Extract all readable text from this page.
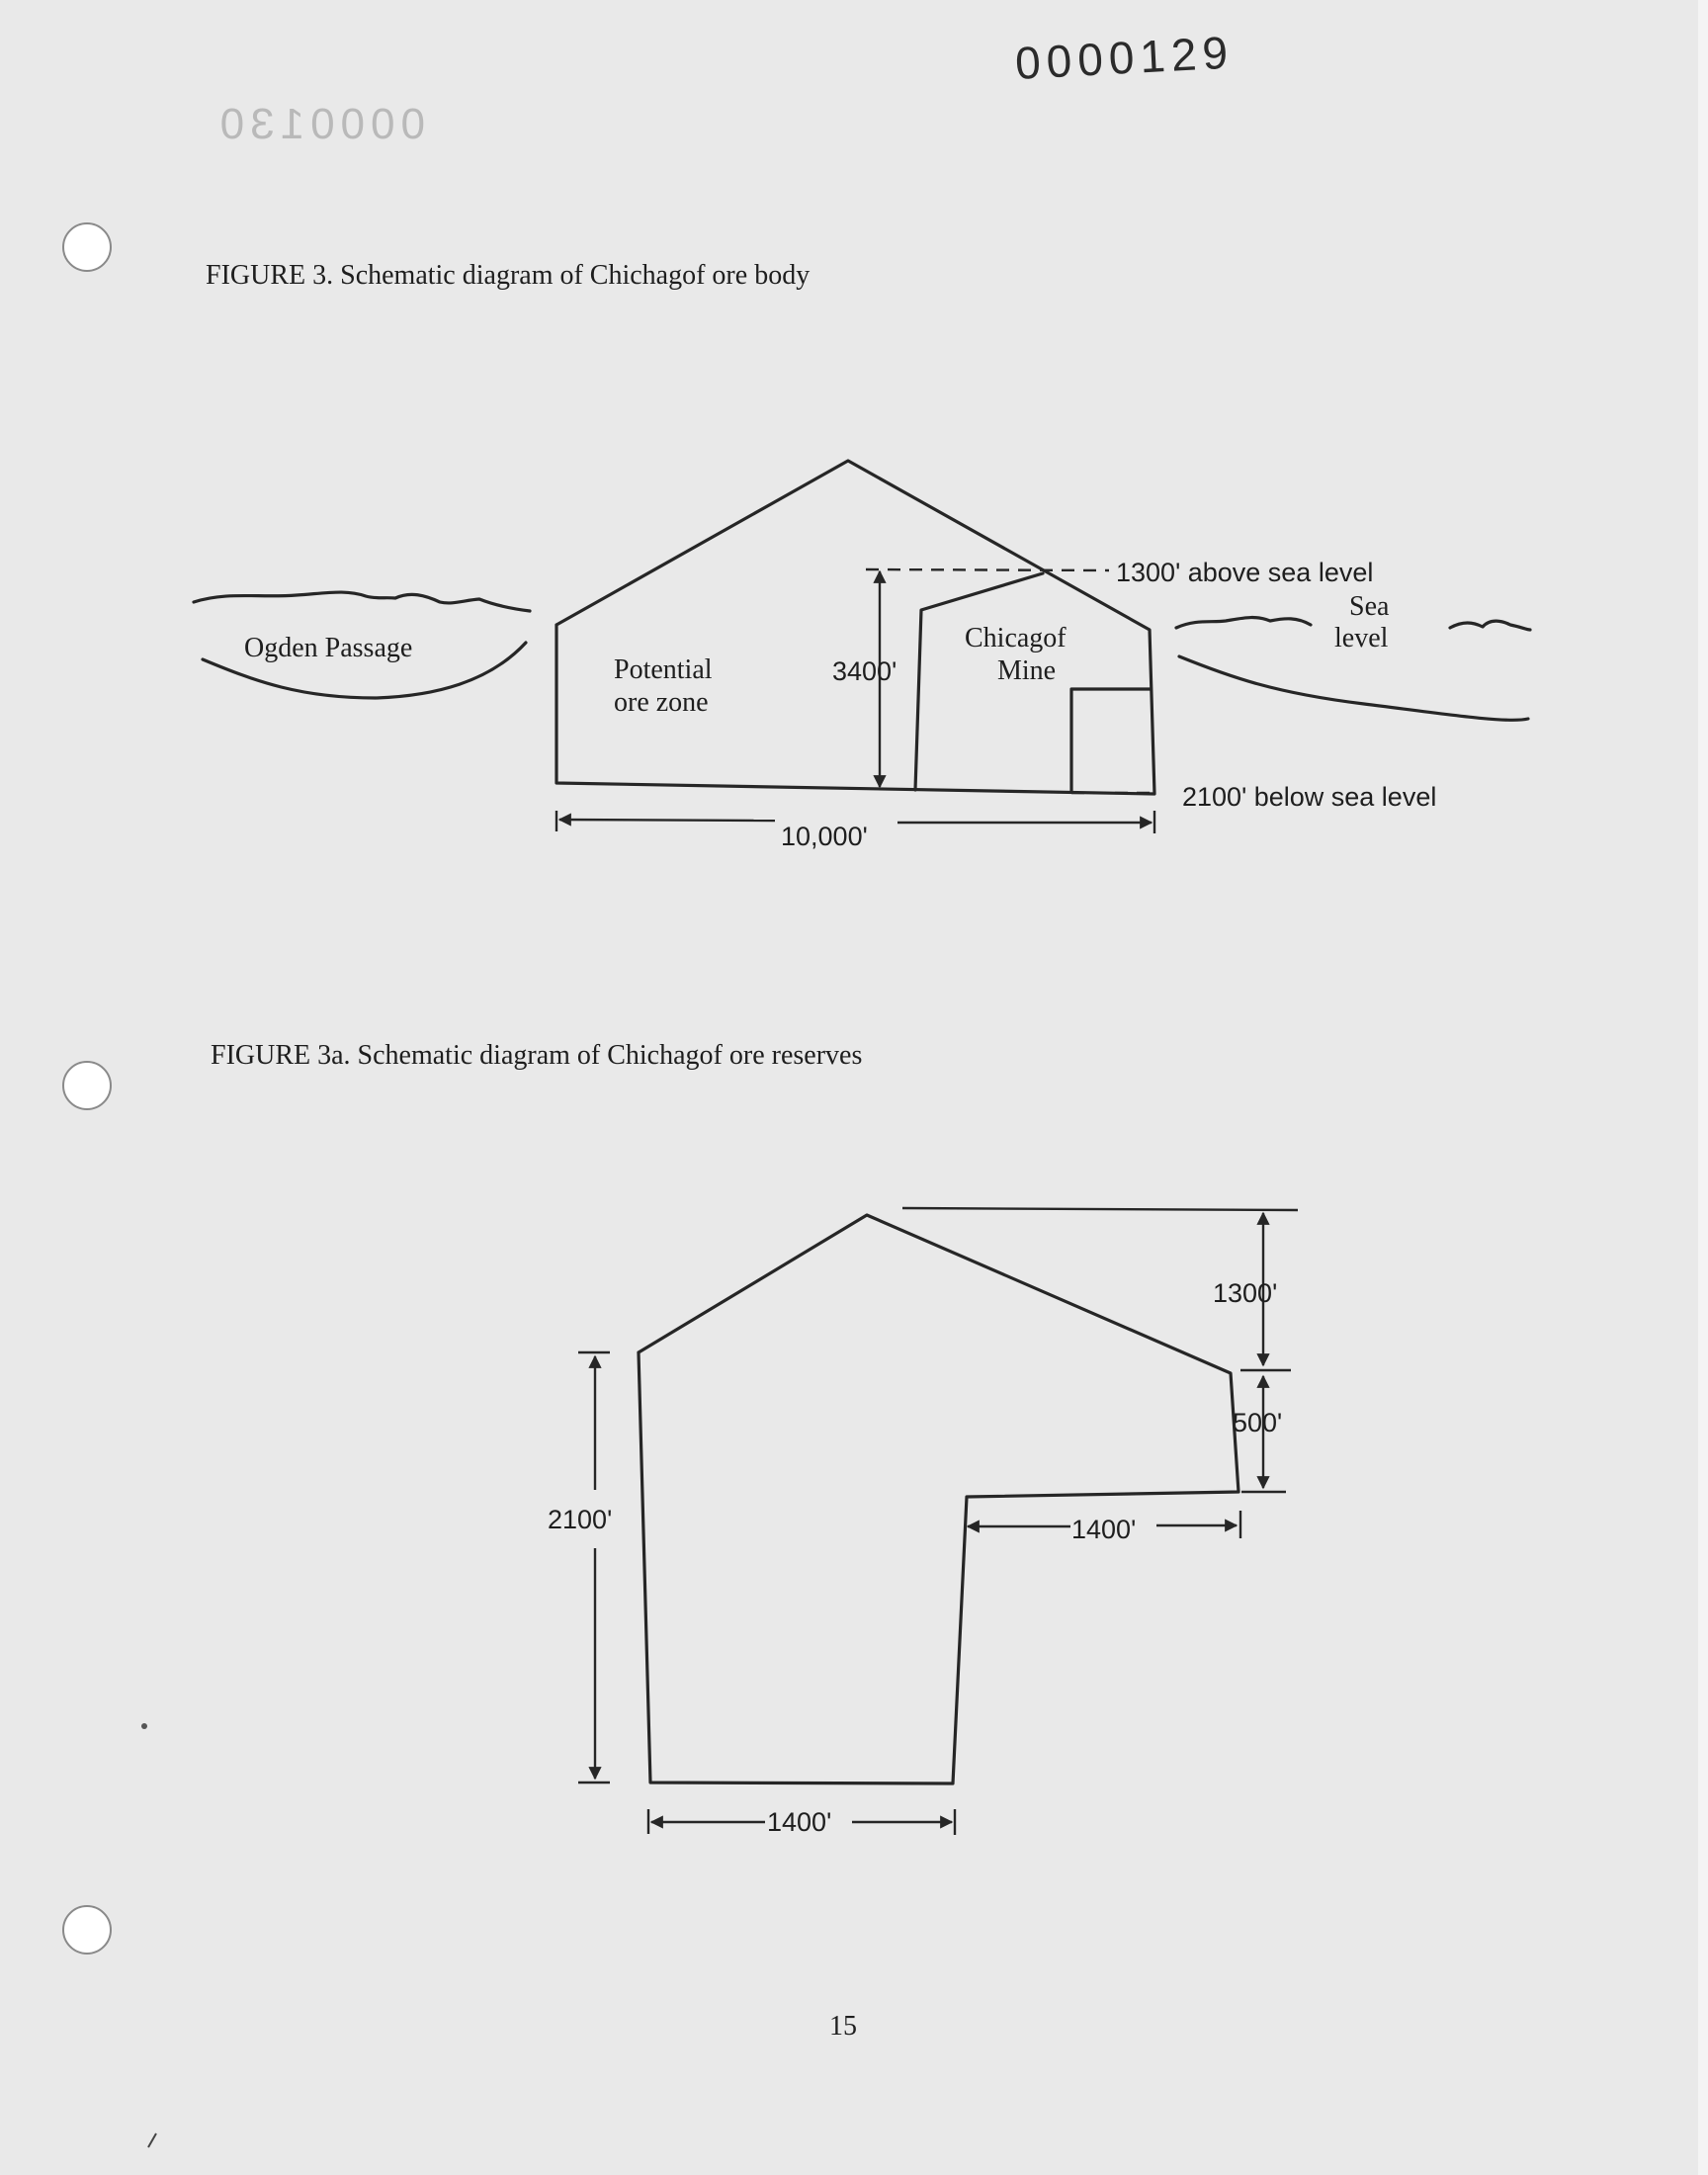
0000129
0000130
FIGURE 3. Schematic diagram of Chichagof ore body
Ogden Passage
3400'
Potential
ore zone
Chicagof
Mine
1300' above sea level
Sea
level
2100' below sea level
10,000'
FIGURE 3a. Schematic diagram of Chichagof ore reserves
1300'
500'
1400'
2100'
1400'
15
